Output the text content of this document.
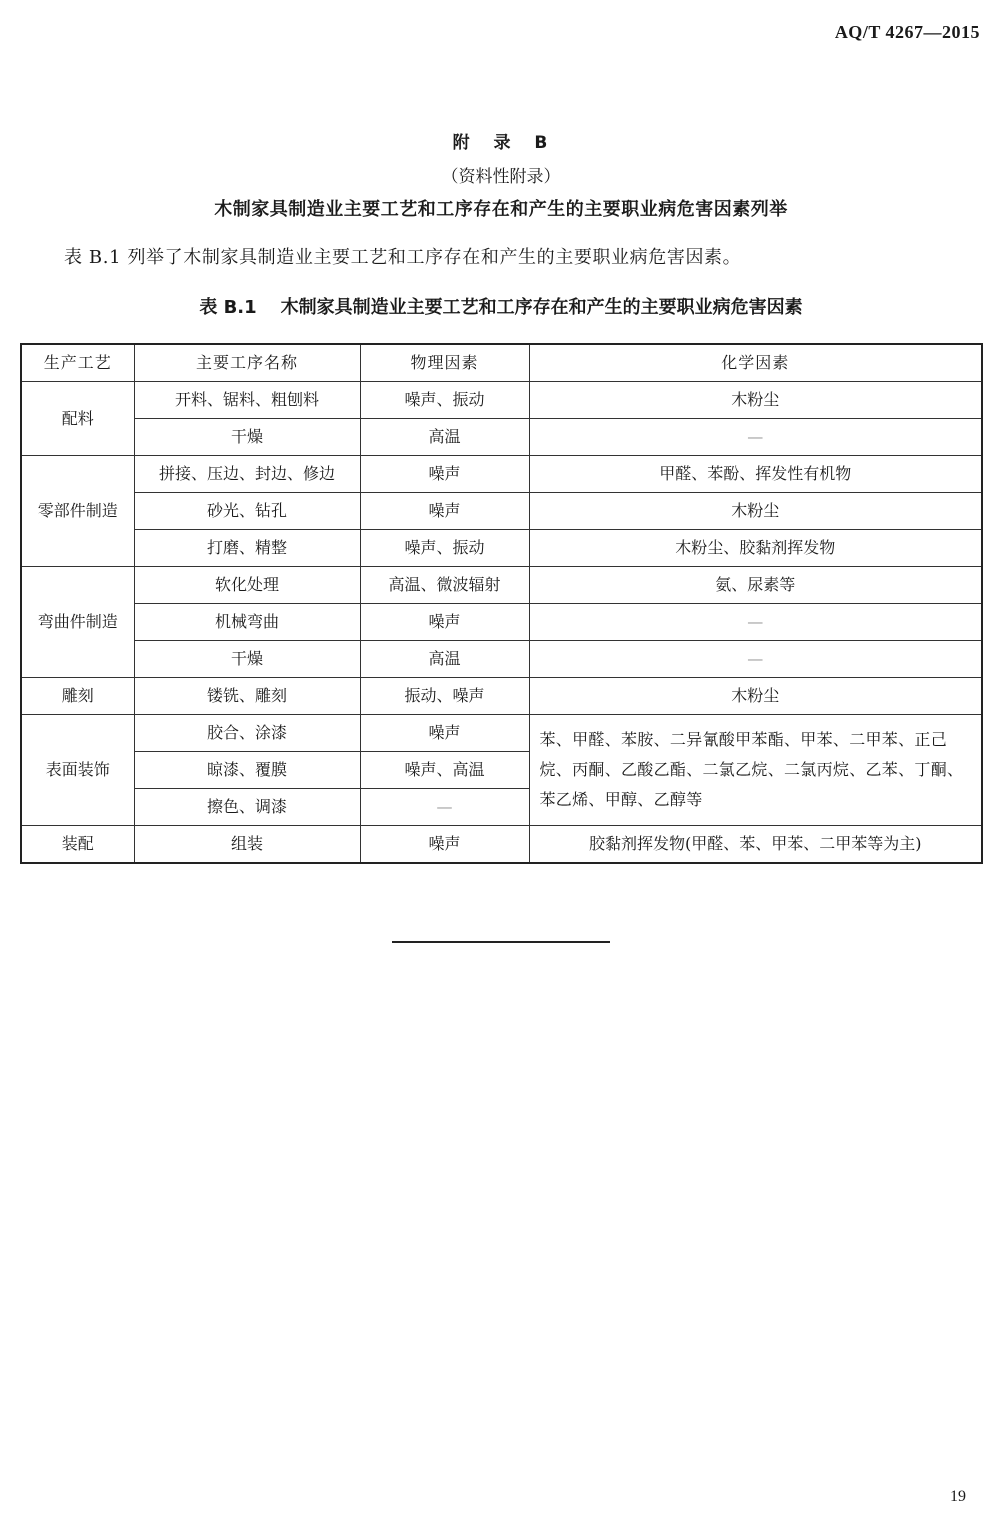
AQ/T 4267—2015
附 录 B
（资料性附录）
木制家具制造业主要工艺和工序存在和产生的主要职业病危害因素列举
表 B.1 列举了木制家具制造业主要工艺和工序存在和产生的主要职业病危害因素。
表 B.1 木制家具制造业主要工艺和工序存在和产生的主要职业病危害因素
生产工艺	主要工序名称	物理因素	化学因素
配料	开料、锯料、粗刨料	噪声、振动	木粉尘
	干燥	高温	—
零部件制造	拼接、压边、封边、修边	噪声	甲醛、苯酚、挥发性有机物
	砂光、钻孔	噪声	木粉尘
	打磨、精整	噪声、振动	木粉尘、胶黏剂挥发物
弯曲件制造	软化处理	高温、微波辐射	氨、尿素等
	机械弯曲	噪声	—
	干燥	高温	—
雕刻	镂铣、雕刻	振动、噪声	木粉尘
表面装饰	胶合、涂漆	噪声	苯、甲醛、苯胺、二异氰酸甲苯酯、甲苯、二甲苯、正己烷、丙酮、乙酸乙酯、二氯乙烷、二氯丙烷、乙苯、丁酮、苯乙烯、甲醇、乙醇等
	晾漆、覆膜	噪声、高温	
	擦色、调漆	—	
装配	组装	噪声	胶黏剂挥发物(甲醛、苯、甲苯、二甲苯等为主)
19
